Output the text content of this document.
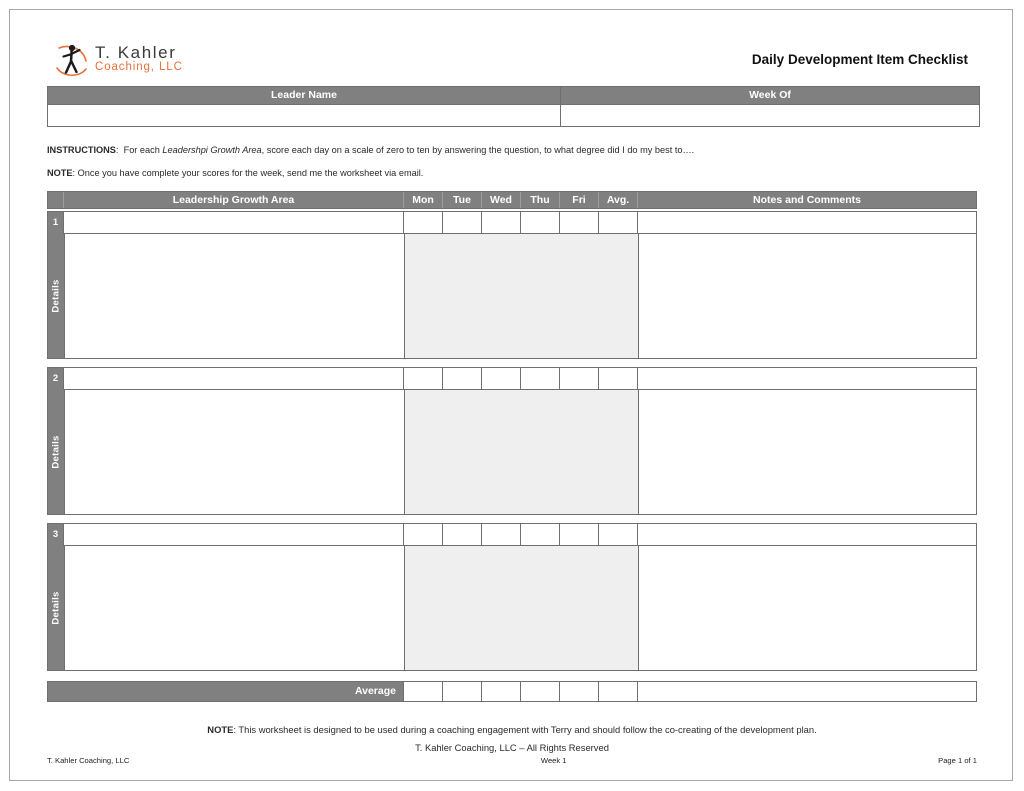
T. Kahler
Coaching, LLC
Daily Development Item Checklist
Leader Name	Week Of

INSTRUCTIONS: For each Leadershpi Growth Area, score each day on a scale of zero to ten by answering the question, to what degree did I do my best to….
NOTE: Once you have complete your scores for the week, send me the worksheet via email.
Leadership Growth Area	Mon	Tue	Wed	Thu	Fri	Avg.	Notes and Comments
1
Details
2
Details
3
Details
Average
NOTE: This worksheet is designed to be used during a coaching engagement with Terry and should follow the co-creating of the development plan.
T. Kahler Coaching, LLC – All Rights Reserved
T. Kahler Coaching, LLC	Week 1	Page 1 of 1
